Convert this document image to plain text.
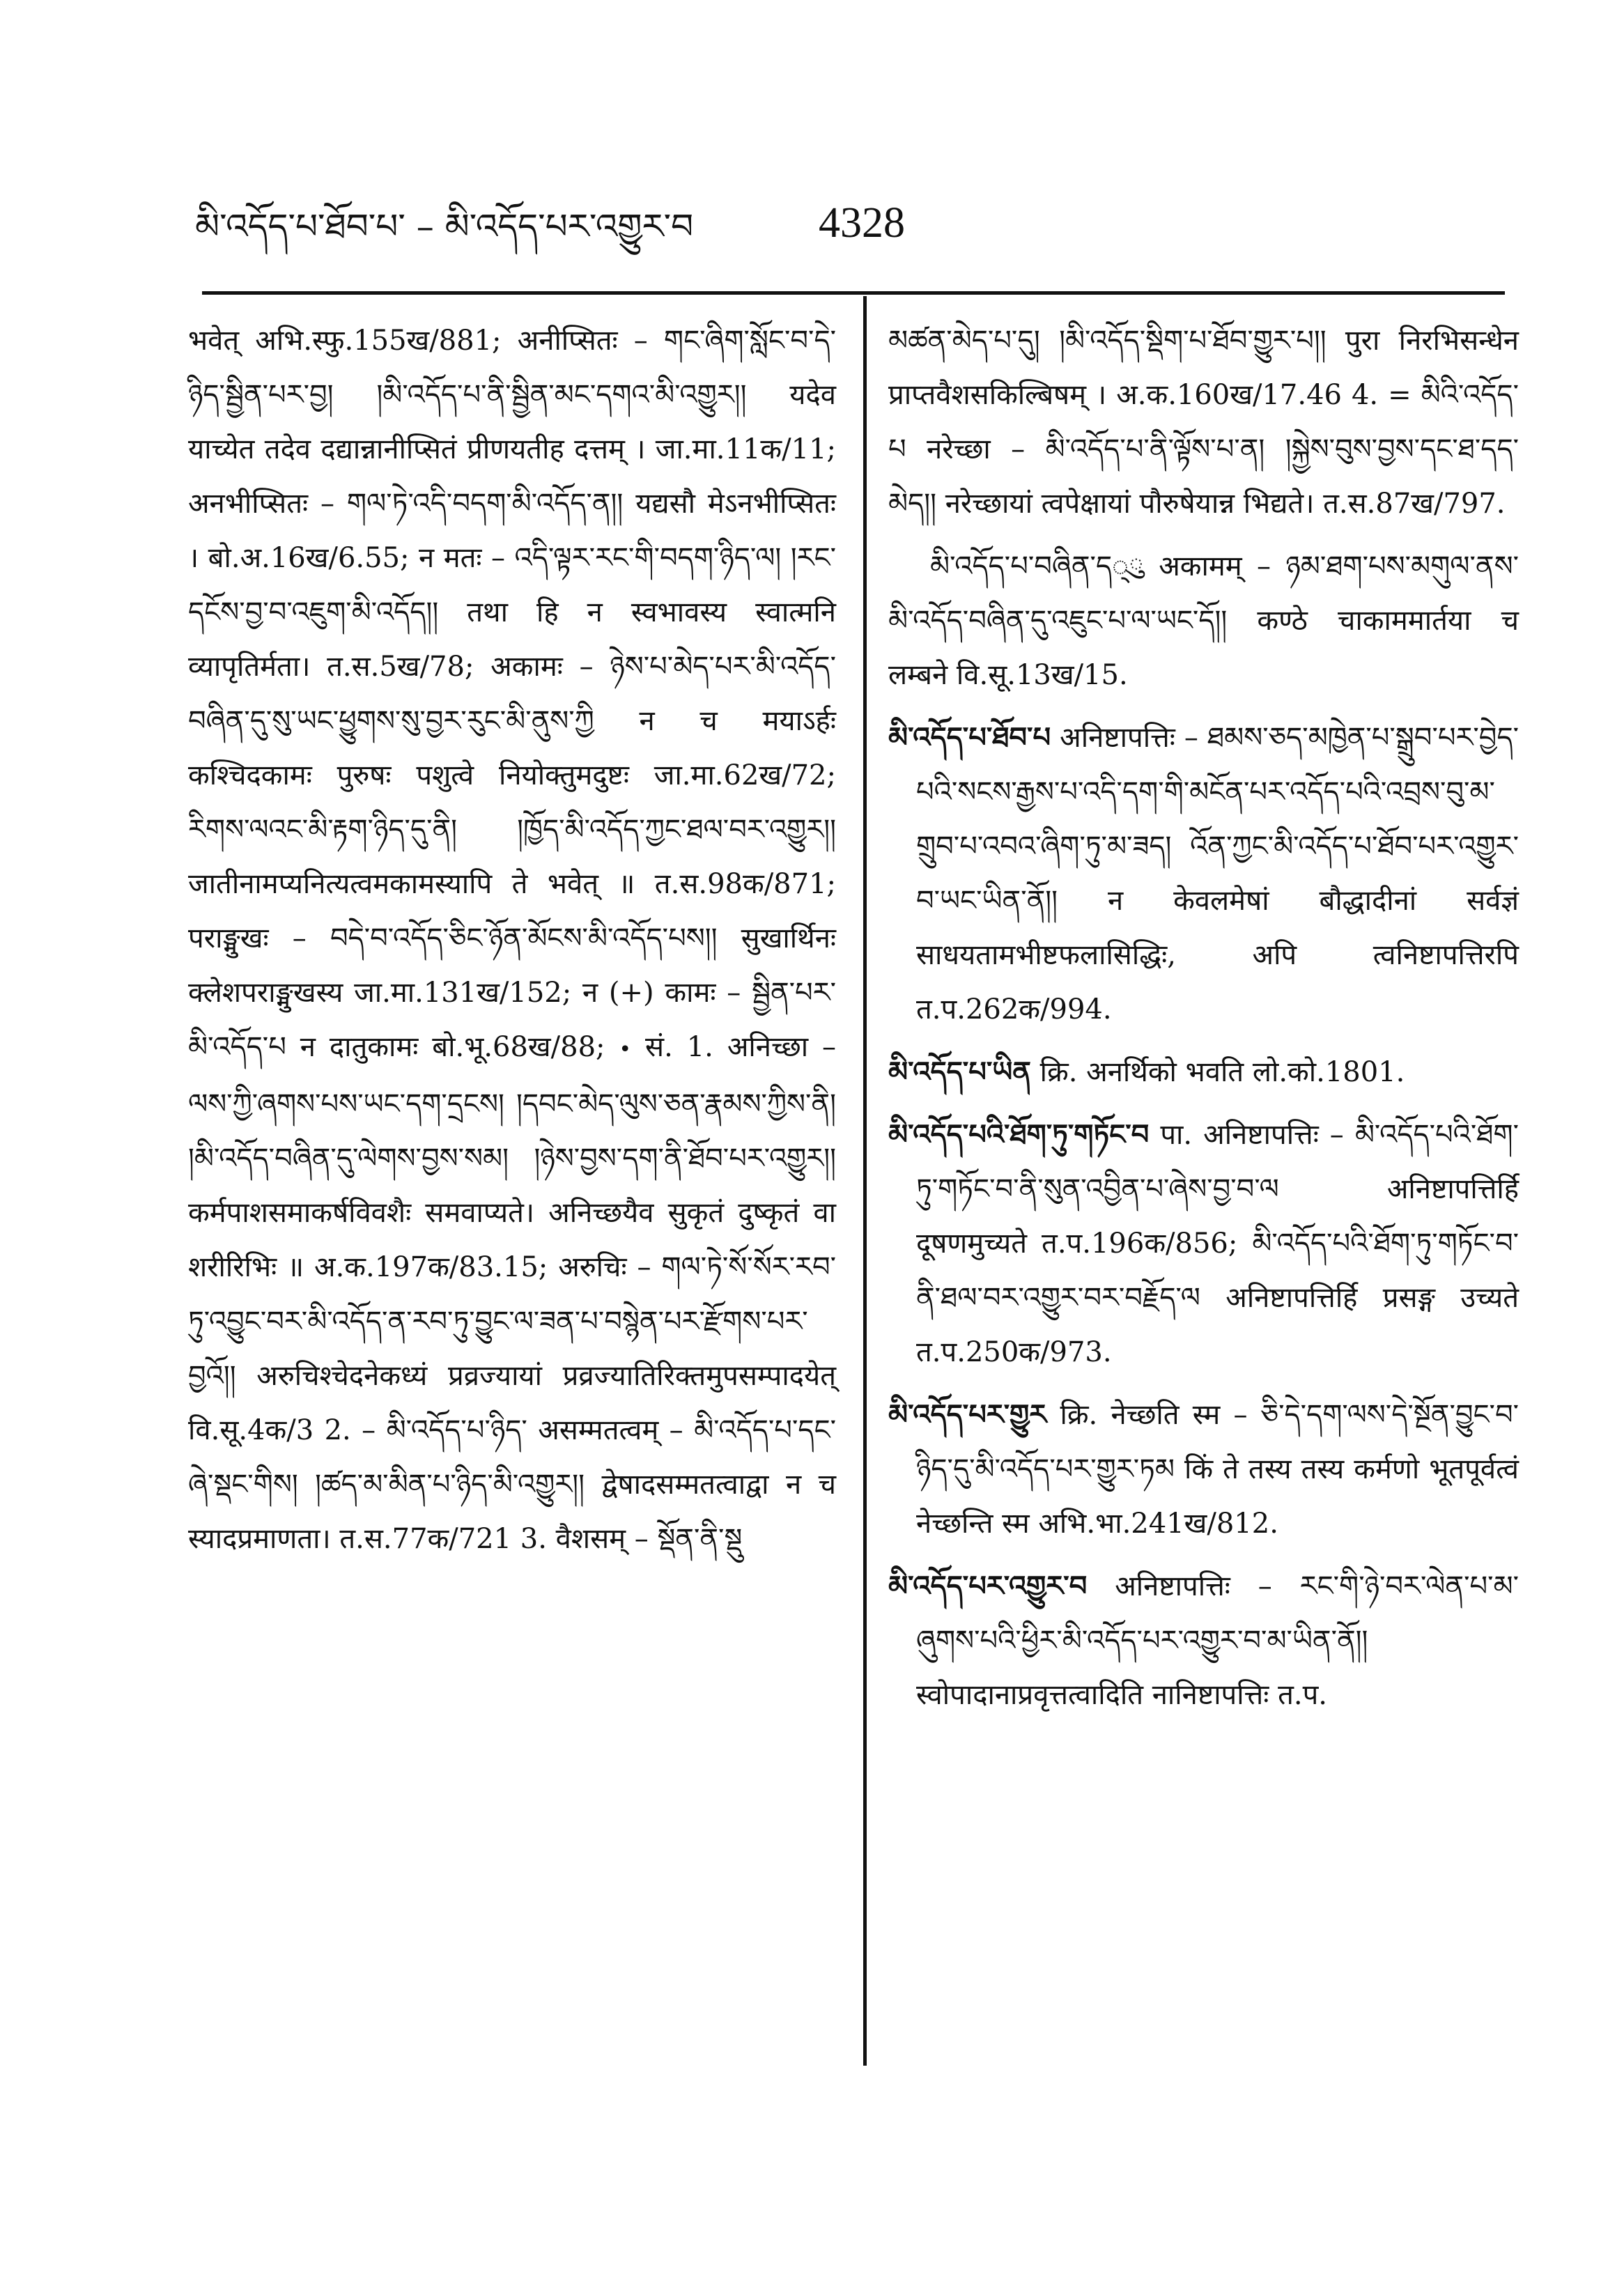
མི་འདོད་པ་ཐོབ་པ་ – མི་འདོད་པར་འགྱུར་བ	4328

भवेत् अभि.स्फु.155ख/881; अनीप्सितः – གང་ཞིག་སློང་བ་དེ་ཉིད་སྦྱིན་པར་བྱ། །མི་འདོད་པ་ནི་སྦྱིན་མང་དགའ་མི་འགྱུར།། यदेव याच्येत तदेव दद्यान्नानीप्सितं प्रीणयतीह दत्तम् । जा.मा.11क/11; अनभीप्सितः – གལ་ཏེ་འདི་བདག་མི་འདོད་ན།། यद्यसौ मेऽनभीप्सितः । बो.अ.16ख/6.55; न मतः – འདི་ལྟར་རང་གི་བདག་ཉིད་ལ། །རང་དངོས་བྱ་བ་འཇུག་མི་འདོད།། तथा हि न स्वभावस्य स्वात्मनि व्यापृतिर्मता। त.स.5ख/78; अकामः – ཉེས་པ་མེད་པར་མི་འདོད་བཞིན་དུ་སུ་ཡང་ཕྱུགས་སུ་བྱར་རུང་མི་ནུས་ཀྱི न च मयाऽर्हः कश्चिदकामः पुरुषः पशुत्वे नियोक्तुमदुष्टः जा.मा.62ख/72; རིགས་ལའང་མི་རྟག་ཉིད་དུ་ནི། །ཁྱོད་མི་འདོད་ཀྱང་ཐལ་བར་འགྱུར།། जातीनामप्यनित्यत्वमकामस्यापि ते भवेत् ॥ त.स.98क/871; पराङ्मुखः – བདེ་བ་འདོད་ཅིང་ཉོན་མོངས་མི་འདོད་པས།། सुखार्थिनः क्लेशपराङ्मुखस्य जा.मा.131ख/152; न (+) कामः – སྦྱིན་པར་མི་འདོད་པ न दातुकामः बो.भू.68ख/88; • सं. 1. अनिच्छा – ལས་ཀྱི་ཞགས་པས་ཡང་དག་དྲངས། །དབང་མེད་ལུས་ཅན་རྣམས་ཀྱིས་ནི། །མི་འདོད་བཞིན་དུ་ལེགས་བྱས་སམ། །ཉེས་བྱས་དག་ནི་ཐོབ་པར་འགྱུར།། कर्मपाशसमाकर्षविवशैः समवाप्यते। अनिच्छयैव सुकृतं दुष्कृतं वा शरीरिभिः ॥ अ.क.197क/83.15; अरुचिः – གལ་ཏེ་སོ་སོར་རབ་ཏུ་འབྱུང་བར་མི་འདོད་ན་རབ་ཏུ་བྱུང་ལ་ཟན་པ་བསྙེན་པར་རྫོགས་པར་བྱའོ།། अरुचिश्चेदनेकध्यं प्रव्रज्यायां प्रव्रज्यातिरिक्तमुपसम्पादयेत् वि.सू.4क/3 2. – མི་འདོད་པ་ཉིད་ असम्मतत्वम् – མི་འདོད་པ་དང་ཞེ་སྡང་གིས། །ཚད་མ་མིན་པ་ཉིད་མི་འགྱུར།། द्वेषादसम्मतत्वाद्वा न च स्यादप्रमाणता। त.स.77क/721 3. वैशसम् – སྡོན་ནི་སྡུ

མཚན་མེད་པ་དུ། །མི་འདོད་སྡིག་པ་ཐོབ་གྱུར་པ།། पुरा निरभिसन्धेन प्राप्तवैशसकिल्बिषम् । अ.क.160ख/17.46 4. = མིའི་འདོད་པ नरेच्छा – མི་འདོད་པ་ནི་ལྟོས་པ་ན། །སྐྱེས་བུས་བྱས་དང་ཐ་དད་མེད།། नरेच्छायां त्वपेक्षायां पौरुषेयान्न भिद्यते। त.स.87ख/797.

མི་འདོད་པ་བཞིན་ད्ུ अकामम् – ཉམ་ཐག་པས་མགུལ་ནས་མི་འདོད་བཞིན་དུ་འཇུང་པ་ལ་ཡང་དོ།། कण्ठे चाकाममार्तया च लम्बने वि.सू.13ख/15.

མི་འདོད་པ་ཐོབ་པ अनिष्टापत्तिः – ཐམས་ཅད་མཁྱེན་པ་སྒྲུབ་པར་བྱེད་པའི་སངས་རྒྱས་པ་འདི་དག་གི་མངོན་པར་འདོད་པའི་འབྲས་བུ་མ་གྲུབ་པ་འབའ་ཞིག་ཏུ་མ་ཟད། འོན་ཀྱང་མི་འདོད་པ་ཐོབ་པར་འགྱུར་བ་ཡང་ཡིན་ནོ།། न केवलमेषां बौद्धादीनां सर्वज्ञं साधयतामभीष्टफलासिद्धिः, अपि त्वनिष्टापत्तिरपि त.प.262क/994.

མི་འདོད་པ་ཡིན क्रि. अनर्थिको भवति लो.को.1801.

མི་འདོད་པའི་ཐོག་ཏུ་གཏོང་བ पा. अनिष्टापत्तिः – མི་འདོད་པའི་ཐོག་ཏུ་གཏོང་བ་ནི་སུན་འབྱིན་པ་ཞེས་བྱ་བ་ལ अनिष्टापत्तिर्हि दूषणमुच्यते त.प.196क/856; མི་འདོད་པའི་ཐོག་ཏུ་གཏོང་བ་ནི་ཐལ་བར་འགྱུར་བར་བརྗོད་ལ अनिष्टापत्तिर्हि प्रसङ्ग उच्यते त.प.250क/973.

མི་འདོད་པར་གྱུར क्रि. नेच्छति स्म – ཅི་དེ་དག་ལས་དེ་སྔོན་བྱུང་བ་ཉིད་དུ་མི་འདོད་པར་གྱུར་ཏམ किं ते तस्य तस्य कर्मणो भूतपूर्वत्वं नेच्छन्ति स्म अभि.भा.241ख/812.

མི་འདོད་པར་འགྱུར་བ अनिष्टापत्तिः – རང་གི་ཉེ་བར་ལེན་པ་མ་ཞུགས་པའི་ཕྱིར་མི་འདོད་པར་འགྱུར་བ་མ་ཡིན་ནོ།། स्वोपादानाप्रवृत्तत्वादिति नानिष्टापत्तिः त.प.
